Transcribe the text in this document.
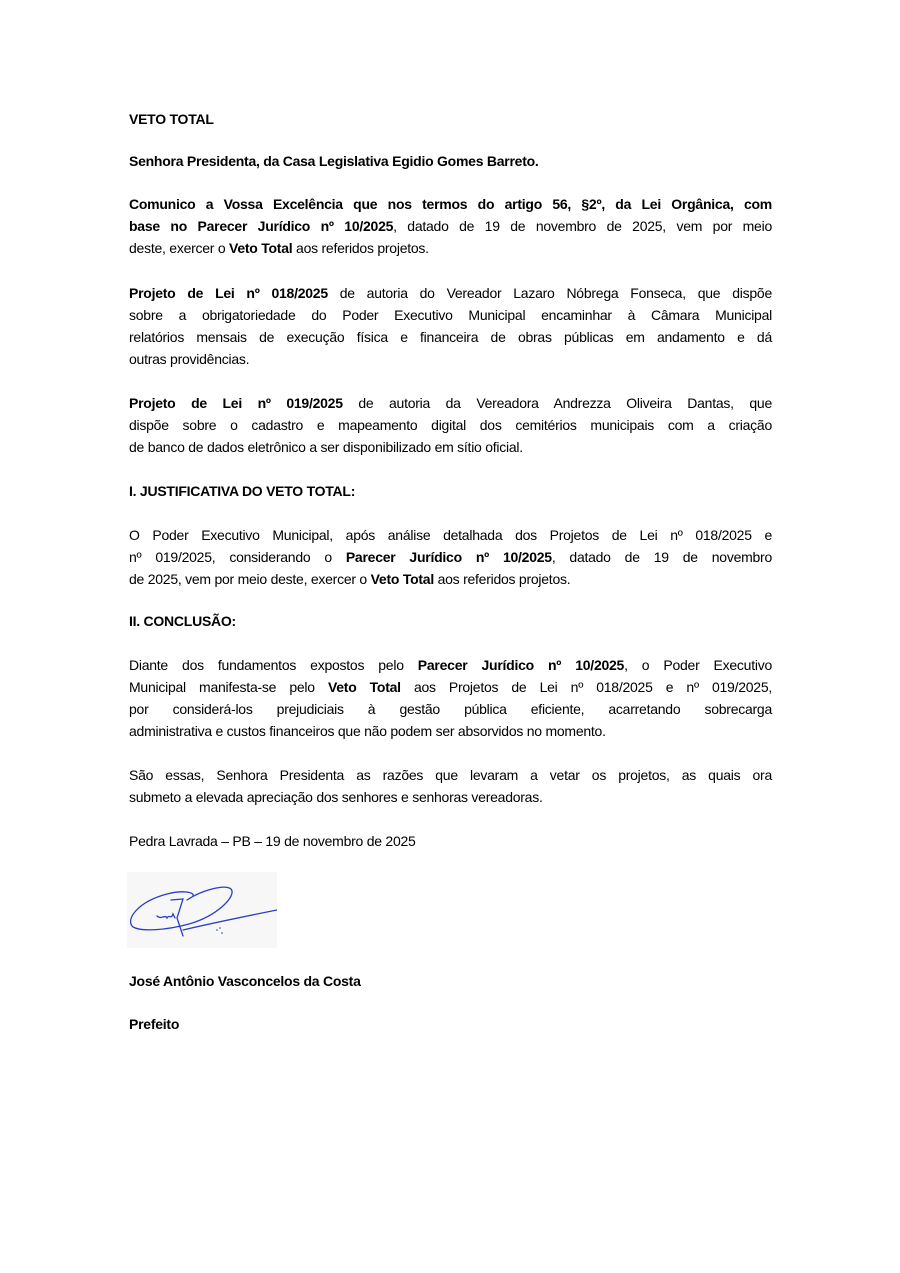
VETO TOTAL
Senhora Presidenta, da Casa Legislativa Egidio Gomes Barreto.
Comunico a Vossa Excelência que nos termos do artigo 56, §2º, da Lei Orgânica, com
base no Parecer Jurídico nº 10/2025, datado de 19 de novembro de 2025, vem por meio
deste, exercer o Veto Total aos referidos projetos.
Projeto de Lei nº 018/2025 de autoria do Vereador Lazaro Nóbrega Fonseca, que dispõe
sobre a obrigatoriedade do Poder Executivo Municipal encaminhar à Câmara Municipal
relatórios mensais de execução física e financeira de obras públicas em andamento e dá
outras providências.
Projeto de Lei nº 019/2025 de autoria da Vereadora Andrezza Oliveira Dantas, que
dispõe sobre o cadastro e mapeamento digital dos cemitérios municipais com a criação
de banco de dados eletrônico a ser disponibilizado em sítio oficial.
I. JUSTIFICATIVA DO VETO TOTAL:
O Poder Executivo Municipal, após análise detalhada dos Projetos de Lei nº 018/2025 e
nº 019/2025, considerando o Parecer Jurídico nº 10/2025, datado de 19 de novembro
de 2025, vem por meio deste, exercer o Veto Total aos referidos projetos.
II. CONCLUSÃO:
Diante dos fundamentos expostos pelo Parecer Jurídico nº 10/2025, o Poder Executivo
Municipal manifesta-se pelo Veto Total aos Projetos de Lei nº 018/2025 e nº 019/2025,
por considerá-los prejudiciais à gestão pública eficiente, acarretando sobrecarga
administrativa e custos financeiros que não podem ser absorvidos no momento.
São essas, Senhora Presidenta as razões que levaram a vetar os projetos, as quais ora
submeto a elevada apreciação dos senhores e senhoras vereadoras.
Pedra Lavrada – PB – 19 de novembro de 2025
José Antônio Vasconcelos da Costa
Prefeito
